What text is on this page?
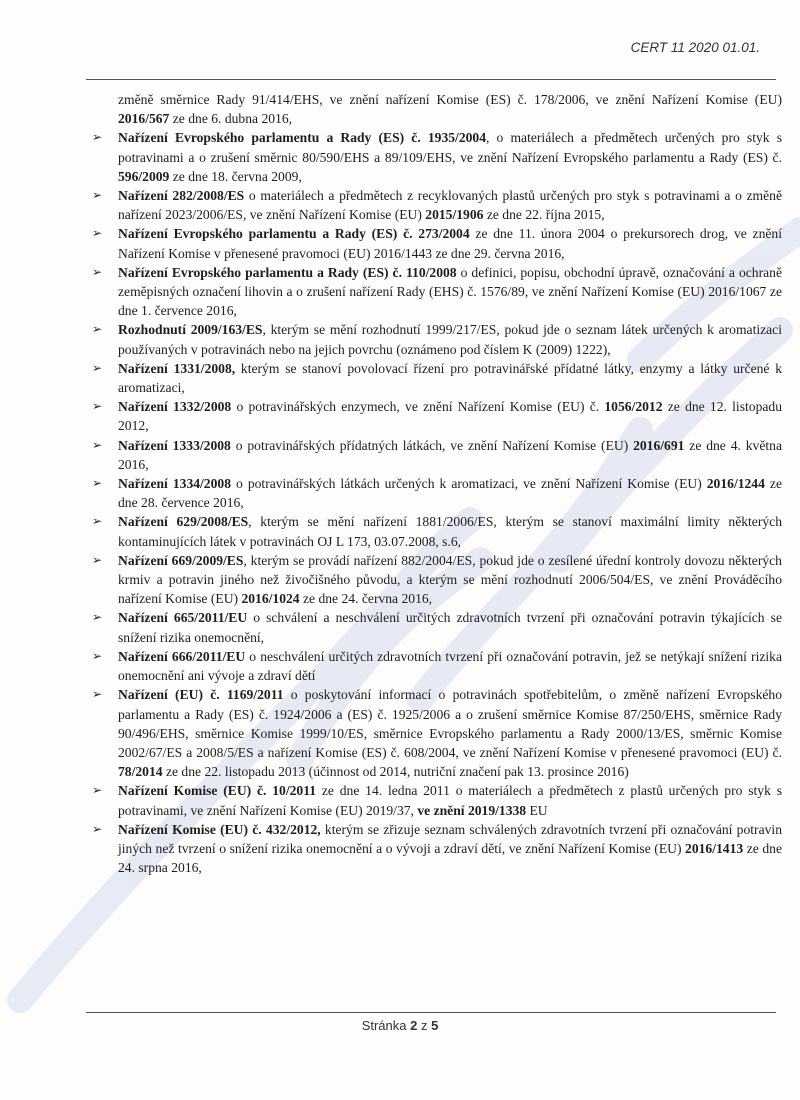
CERT 11 2020 01.01.

změně směrnice Rady 91/414/EHS, ve znění nařízení Komise (ES) č. 178/2006, ve znění Nařízení Komise (EU) 2016/567 ze dne 6. dubna 2016,

➢ Nařízení Evropského parlamentu a Rady (ES) č. 1935/2004, o materiálech a předmětech určených pro styk s potravinami a o zrušení směrnic 80/590/EHS a 89/109/EHS, ve znění Nařízení Evropského parlamentu a Rady (ES) č. 596/2009 ze dne 18. června 2009,
➢ Nařízení 282/2008/ES o materiálech a předmětech z recyklovaných plastů určených pro styk s potravinami a o změně nařízení 2023/2006/ES, ve znění Nařízení Komise (EU) 2015/1906 ze dne 22. října 2015,
➢ Nařízení Evropského parlamentu a Rady (ES) č. 273/2004 ze dne 11. února 2004 o prekursorech drog, ve znění Nařízení Komise v přenesené pravomoci (EU) 2016/1443 ze dne 29. června 2016,
➢ Nařízení Evropského parlamentu a Rady (ES) č. 110/2008 o definici, popisu, obchodní úpravě, označování a ochraně zeměpisných označení lihovin a o zrušení nařízení Rady (EHS) č. 1576/89, ve znění Nařízení Komise (EU) 2016/1067 ze dne 1. července 2016,
➢ Rozhodnutí 2009/163/ES, kterým se mění rozhodnutí 1999/217/ES, pokud jde o seznam látek určených k aromatizaci používaných v potravinách nebo na jejich povrchu (oznámeno pod číslem K (2009) 1222),
➢ Nařízení 1331/2008, kterým se stanoví povolovací řízení pro potravinářské přídatné látky, enzymy a látky určené k aromatizaci,
➢ Nařízení 1332/2008 o potravinářských enzymech, ve znění Nařízení Komise (EU) č. 1056/2012 ze dne 12. listopadu 2012,
➢ Nařízení 1333/2008 o potravinářských přídatných látkách, ve znění Nařízení Komise (EU) 2016/691 ze dne 4. května 2016,
➢ Nařízení 1334/2008 o potravinářských látkách určených k aromatizaci, ve znění Nařízení Komise (EU) 2016/1244 ze dne 28. července 2016,
➢ Nařízení 629/2008/ES, kterým se mění nařízení 1881/2006/ES, kterým se stanoví maximální limity některých kontaminujících látek v potravinách OJ L 173, 03.07.2008, s.6,
➢ Nařízení 669/2009/ES, kterým se provádí nařízení 882/2004/ES, pokud jde o zesílené úřední kontroly dovozu některých krmiv a potravin jiného než živočišného původu, a kterým se mění rozhodnutí 2006/504/ES, ve znění Prováděcího nařízení Komise (EU) 2016/1024 ze dne 24. června 2016,
➢ Nařízení 665/2011/EU o schválení a neschválení určitých zdravotních tvrzení při označování potravin týkajících se snížení rizika onemocnění,
➢ Nařízení 666/2011/EU o neschválení určitých zdravotních tvrzení při označování potravin, jež se netýkají snížení rizika onemocnění ani vývoje a zdraví dětí
➢ Nařízení (EU) č. 1169/2011 o poskytování informací o potravinách spotřebitelům, o změně nařízení Evropského parlamentu a Rady (ES) č. 1924/2006 a (ES) č. 1925/2006 a o zrušení směrnice Komise 87/250/EHS, směrnice Rady 90/496/EHS, směrnice Komise 1999/10/ES, směrnice Evropského parlamentu a Rady 2000/13/ES, směrnic Komise 2002/67/ES a 2008/5/ES a nařízení Komise (ES) č. 608/2004, ve znění Nařízení Komise v přenesené pravomoci (EU) č. 78/2014 ze dne 22. listopadu 2013 (účinnost od 2014, nutriční značení pak 13. prosince 2016)
➢ Nařízení Komise (EU) č. 10/2011 ze dne 14. ledna 2011 o materiálech a předmětech z plastů určených pro styk s potravinami, ve znění Nařízení Komise (EU) 2019/37, ve znění 2019/1338 EU
➢ Nařízení Komise (EU) č. 432/2012, kterým se zřizuje seznam schválených zdravotních tvrzení při označování potravin jiných než tvrzení o snížení rizika onemocnění a o vývoji a zdraví dětí, ve znění Nařízení Komise (EU) 2016/1413 ze dne 24. srpna 2016,
Stránka 2 z 5
